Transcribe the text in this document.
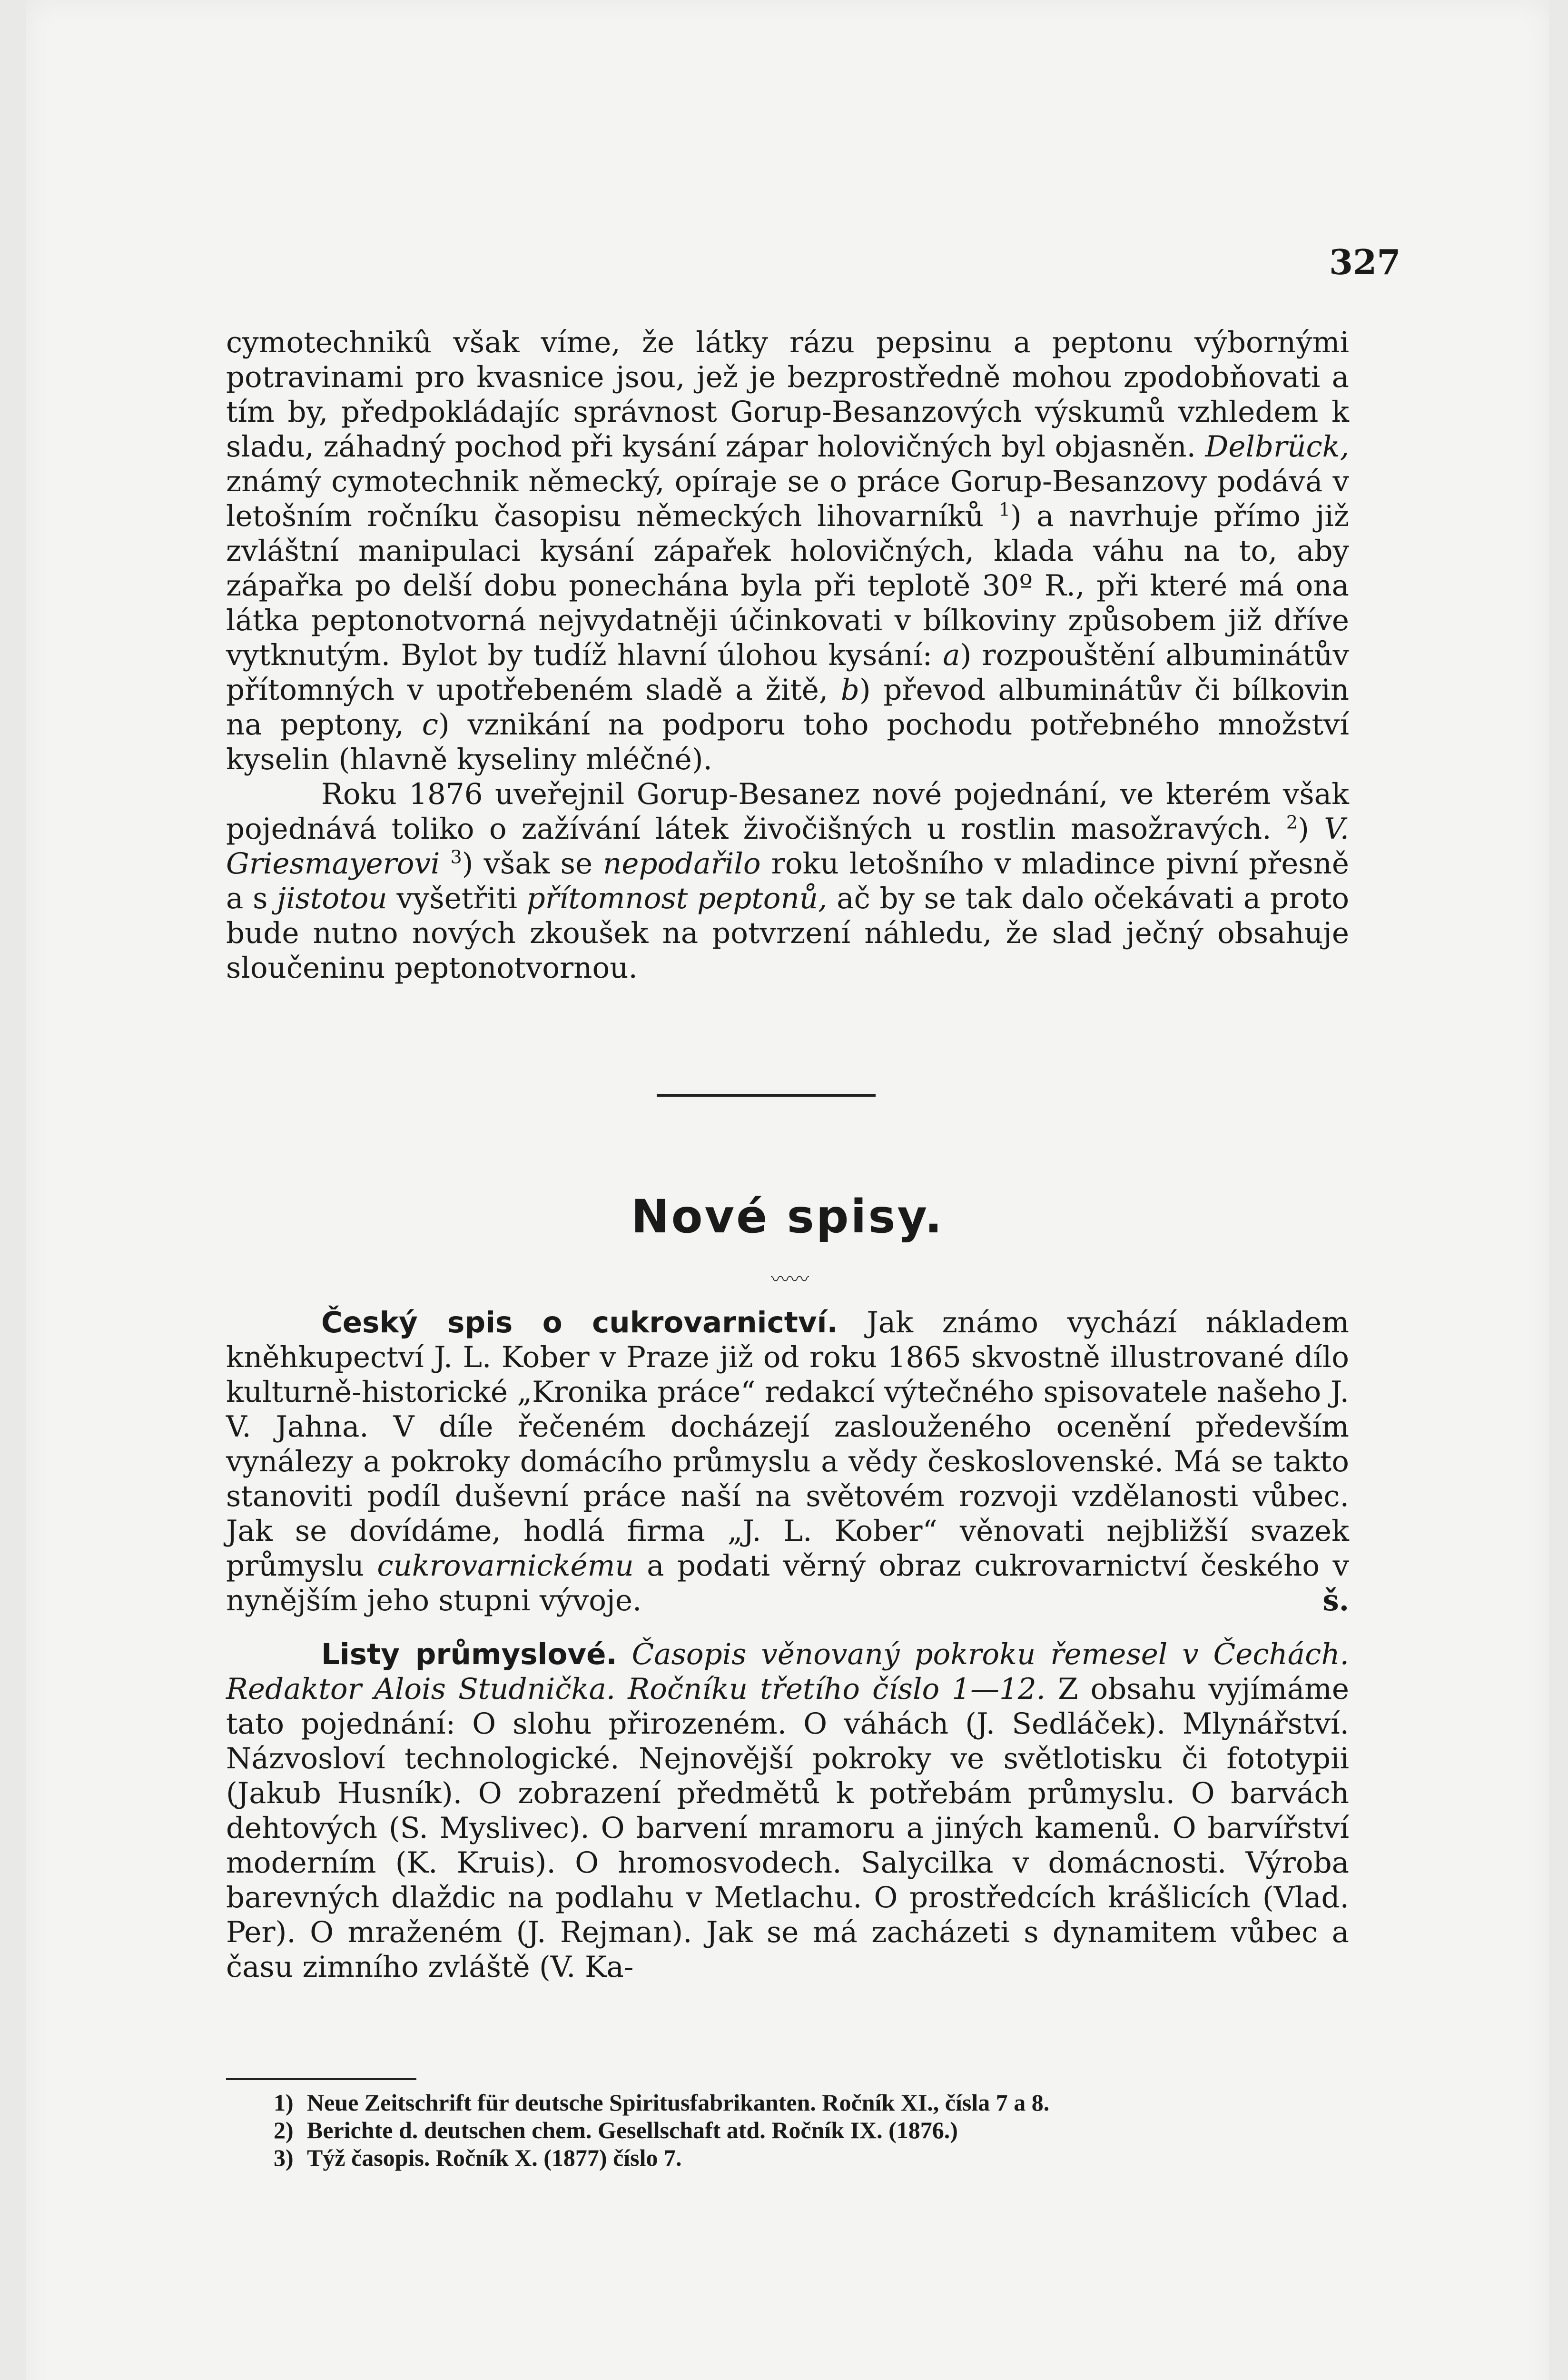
327

cymotechnikû však víme, že látky rázu pepsinu a peptonu výbornými potravinami pro kvasnice jsou, jež je bezprostředně mohou zpodobňovati a tím by, předpokládajíc správnost Gorup-Besanzových výskumů vzhledem k sladu, záhadný pochod při kysání zápar holovičných byl objasněn. Delbrück, známý cymotechnik německý, opíraje se o práce Gorup-Besanzovy podává v letošním ročníku časopisu německých lihovarníků $^1$) a navrhuje přímo již zvláštní manipulaci kysání zápařek holovičných, klada váhu na to, aby zápařka po delší dobu ponechána byla při teplotě 30º R., při které má ona látka peptonotvorná nejvydatněji účinkovati v bílkoviny způsobem již dříve vytknutým. Bylot by tudíž hlavní úlohou kysání: a) rozpouštění albuminátův přítomných v upotřebeném sladě a žitě, b) převod albuminátův či bílkovin na peptony, c) vznikání na podporu toho pochodu potřebného množství kyselin (hlavně kyseliny mléčné).

Roku 1876 uveřejnil Gorup-Besanez nové pojednání, ve kterém však pojednává toliko o zažívání látek živočišných u rostlin masožravých. $^2$) V. Griesmayerovi $^3$) však se nepodařilo roku letošního v mladince pivní přesně a s jistotou vyšetřiti přítomnost peptonů, ač by se tak dalo očekávati a proto bude nutno nových zkoušek na potvrzení náhledu, že slad ječný obsahuje sloučeninu peptonotvornou.

Nové spisy.
〰〰

Český spis o cukrovarnictví. Jak známo vychází nákladem kněhkupectví J. L. Kober v Praze již od roku 1865 skvostně illustrované dílo kulturně-historické „Kronika práce“ redakcí výtečného spisovatele našeho J. V. Jahna. V díle řečeném docházejí zaslouženého ocenění především vynálezy a pokroky domácího průmyslu a vědy československé. Má se takto stanoviti podíl duševní práce naší na světovém rozvoji vzdělanosti vůbec. Jak se dovídáme, hodlá firma „J. L. Kober“ věnovati nejbližší svazek průmyslu cukrovarnickému a podati věrný obraz cukrovarnictví českého v nynějším jeho stupni vývoje.	š.

Listy průmyslové. Časopis věnovaný pokroku řemesel v Čechách. Redaktor Alois Studnička. Ročníku třetího číslo 1—12. Z obsahu vyjímáme tato pojednání: O slohu přirozeném. O váhách (J. Sedláček). Mlynářství. Názvosloví technologické. Nejnovější pokroky ve světlotisku či fototypii (Jakub Husník). O zobrazení předmětů k potřebám průmyslu. O barvách dehtových (S. Myslivec). O barvení mramoru a jiných kamenů. O barvířství moderním (K. Kruis). O hromosvodech. Salycilka v domácnosti. Výroba barevných dlaždic na podlahu v Metlachu. O prostředcích krášlicích (Vlad. Per). O mraženém (J. Rejman). Jak se má zacházeti s dynamitem vůbec a času zimního zvláště (V. Ka-

1) Neue Zeitschrift für deutsche Spiritusfabrikanten. Ročník XI., čísla 7 a 8.
2) Berichte d. deutschen chem. Gesellschaft atd. Ročník IX. (1876.)
3) Týž časopis. Ročník X. (1877) číslo 7.
